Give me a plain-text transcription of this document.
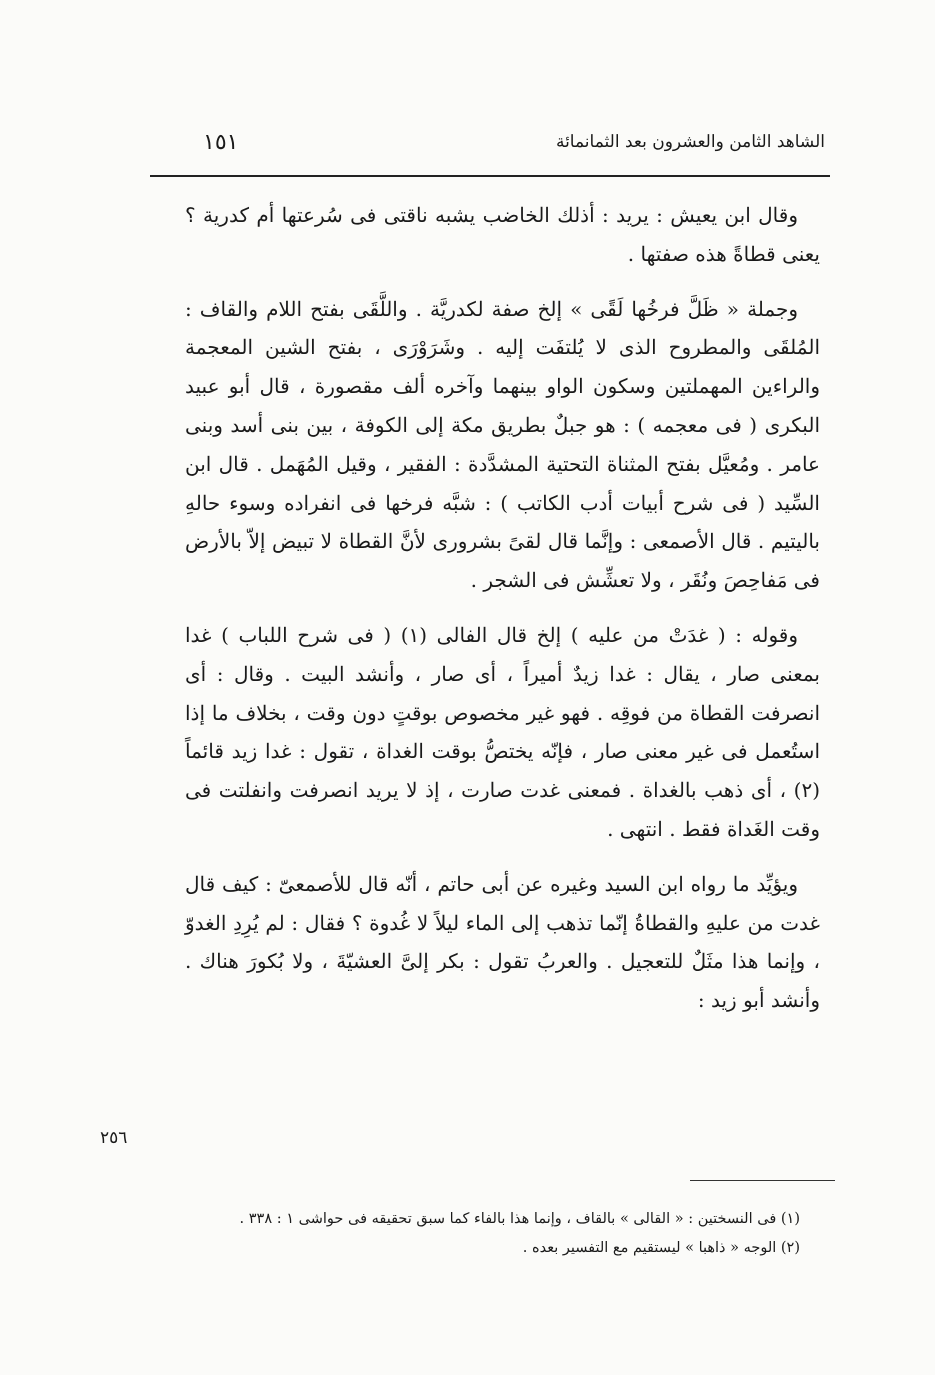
الشاهد الثامن والعشرون بعد الثمانمائة
١٥١

وقال ابن يعيش : يريد : أذلك الخاضب يشبه ناقتى فى سُرعتها أم كدرية ؟ يعنى قطاةً هذه صفتها .

وجملة « ظَلَّ فرخُها لَقًى » إلخ صفة لكدريَّة . واللَّقَى بفتح اللام والقاف : المُلقَى والمطروح الذى لا يُلتفَت إليه . وشَرَوْرَى ، بفتح الشين المعجمة والراءين المهملتين وسكون الواو بينهما وآخره ألف مقصورة ، قال أبو عبيد البكرى ( فى معجمه ) : هو جبلٌ بطريق مكة إلى الكوفة ، بين بنى أسد وبنى عامر . ومُعيَّل بفتح المثناة التحتية المشدَّدة : الفقير ، وقيل المُهَمل . قال ابن السِّيد ( فى شرح أبيات أدب الكاتب ) : شبَّه فرخها فى انفراده وسوء حالهِ باليتيم . قال الأصمعى : وإنَّما قال لقىً بشرورى لأنَّ القطاة لا تبيض إلاّ بالأرض فى مَفاحِصَ ونُقَر ، ولا تعشِّش فى الشجر .

وقوله : ( غدَتْ من عليه ) إلخ قال الفالى (١) ( فى شرح اللباب ) غدا بمعنى صار ، يقال : غدا زيدٌ أميراً ، أى صار ، وأنشد البيت . وقال : أى انصرفت القطاة من فوقِه . فهو غير مخصوص بوقتٍ دون وقت ، بخلاف ما إذا استُعمل فى غير معنى صار ، فإنّه يختصُّ بوقت الغداة ، تقول : غدا زيد قائماً (٢) ، أى ذهب بالغداة . فمعنى غدت صارت ، إذ لا يريد انصرفت وانفلتت فى وقت الغَداة فقط . انتهى .

ويؤيِّد ما رواه ابن السيد وغيره عن أبى حاتم ، أنّه قال للأصمعىّ : كيف قال غدت من عليهِ والقطاةُ إنّما تذهب إلى الماء ليلاً لا غُدوة ؟ فقال : لم يُرِدِ الغدوّ ، وإنما هذا مثَلٌ للتعجيل . والعربُ تقول : بكر إلىَّ العشيّةَ ، ولا بُكورَ هناك . وأنشد أبو زيد :

٢٥٦
(١) فى النسختين : « القالى » بالقاف ، وإنما هذا بالفاء كما سبق تحقيقه فى حواشى ١ : ٣٣٨ .
(٢) الوجه « ذاهبا » ليستقيم مع التفسير بعده .
